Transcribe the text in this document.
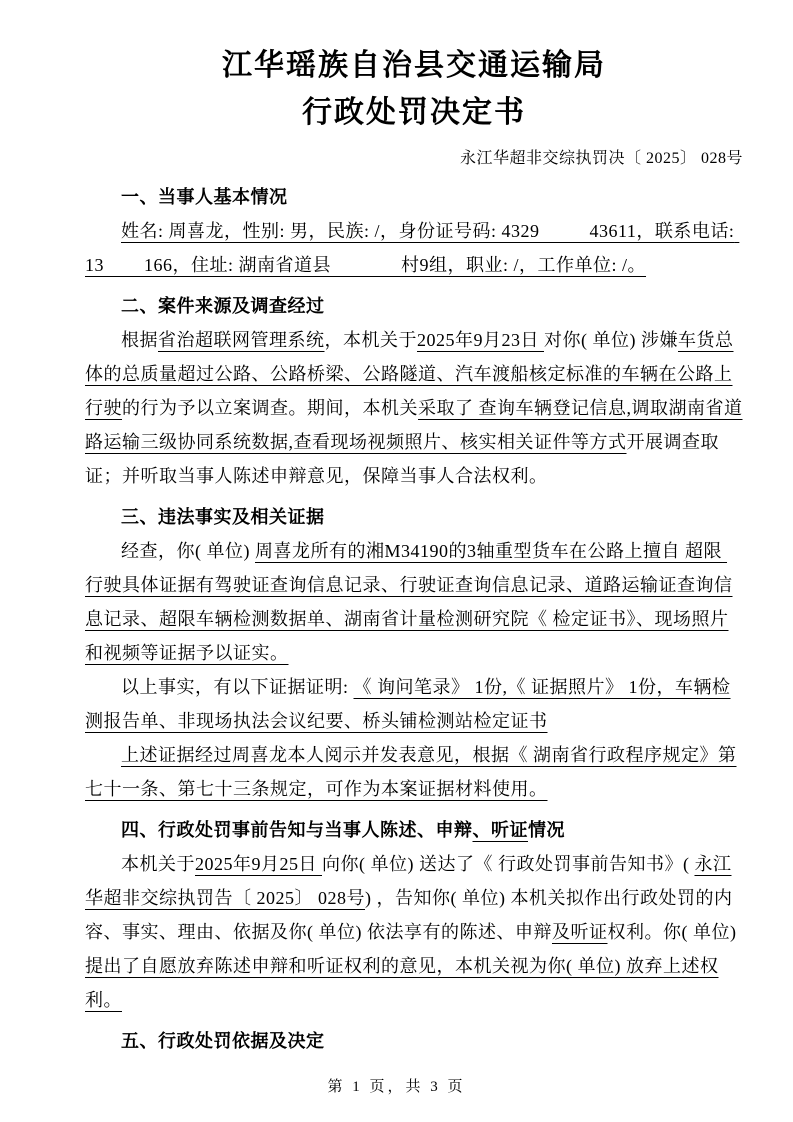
江华瑶族自治县交通运输局
行政处罚决定书
永江华超非交综执罚决〔 2025〕 028号

一、当事人基本情况

姓名: 周喜龙，性别: 男，民族: /，身份证号码: 4329          43611，联系电话: 13        166，住址: 湖南省道县              村9组，职业: /，工作单位: /。

二、案件来源及调查经过

根据省治超联网管理系统，本机关于2025年9月23日 对你( 单位) 涉嫌车货总体的总质量超过公路、公路桥梁、公路隧道、汽车渡船核定标准的车辆在公路上行驶的行为予以立案调查。期间，本机关采取了 查询车辆登记信息,调取湖南省道路运输三级协同系统数据,查看现场视频照片、核实相关证件等方式开展调查取证；并听取当事人陈述申辩意见，保障当事人合法权利。

三、违法事实及相关证据

经查，你( 单位) 周喜龙所有的湘M34190的3轴重型货车在公路上擅自 超限 行驶具体证据有驾驶证查询信息记录、行驶证查询信息记录、道路运输证查询信息记录、超限车辆检测数据单、湖南省计量检测研究院《 检定证书》、现场照片和视频等证据予以证实。

以上事实，有以下证据证明: 《 询问笔录》 1份,《 证据照片》 1份，车辆检测报告单、非现场执法会议纪要、桥头铺检测站检定证书

上述证据经过周喜龙本人阅示并发表意见，根据《 湖南省行政程序规定》第七十一条、第七十三条规定，可作为本案证据材料使用。

四、行政处罚事前告知与当事人陈述、申辩、听证情况

本机关于2025年9月25日 向你( 单位) 送达了《 行政处罚事前告知书》( 永江华超非交综执罚告〔 2025〕 028号) ，告知你( 单位) 本机关拟作出行政处罚的内容、事实、理由、依据及你( 单位) 依法享有的陈述、申辩及听证权利。你( 单位) 提出了自愿放弃陈述申辩和听证权利的意见，本机关视为你( 单位) 放弃上述权利。

五、行政处罚依据及决定

第 1 页，共 3 页
